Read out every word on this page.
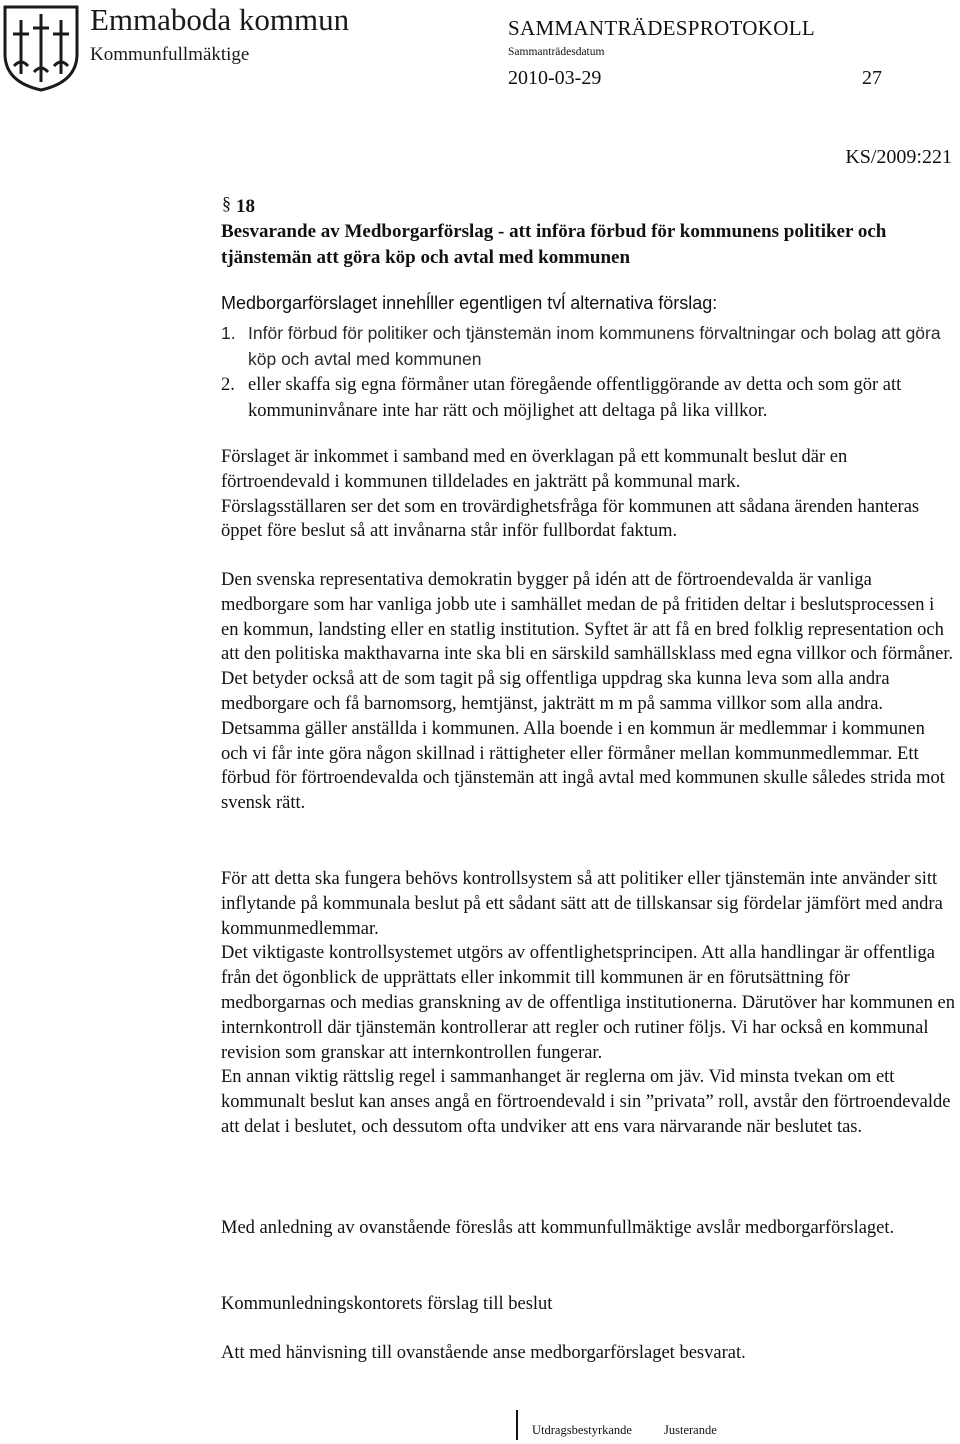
Emmaboda kommun
Kommunfullmäktige
SAMMANTRÄDESPROTOKOLL
Sammanträdesdatum
2010-03-29	27
KS/2009:221
§ 18
Besvarande av Medborgarförslag - att införa förbud för kommunens politiker och tjänstemän att göra köp och avtal med kommunen
Medborgarförslaget innehĺller egentligen tvĺ alternativa förslag:
1. Inför förbud för politiker och tjänstemän inom kommunens förvaltningar och bolag att göra köp och avtal med kommunen
2. eller skaffa sig egna förmåner utan föregående offentliggörande av detta och som gör att kommuninvånare inte har rätt och möjlighet att deltaga på lika villkor.

Förslaget är inkommet i samband med en överklagan på ett kommunalt beslut där en förtroendevald i kommunen tilldelades en jakträtt på kommunal mark.

Förslagsställaren ser det som en trovärdighetsfråga för kommunen att sådana ärenden hanteras öppet före beslut så att invånarna står inför fullbordat faktum.

Den svenska representativa demokratin bygger på idén att de förtroendevalda är vanliga medborgare som har vanliga jobb ute i samhället medan de på fritiden deltar i beslutsprocessen i en kommun, landsting eller en statlig institution. Syftet är att få en bred folklig representation och att den politiska makthavarna inte ska bli en särskild samhällsklass med egna villkor och förmåner.

Det betyder också att de som tagit på sig offentliga uppdrag ska kunna leva som alla andra medborgare och få barnomsorg, hemtjänst, jakträtt m m på samma villkor som alla andra. Detsamma gäller anställda i kommunen. Alla boende i en kommun är medlemmar i kommunen och vi får inte göra någon skillnad i rättigheter eller förmåner mellan kommunmedlemmar. Ett förbud för förtroendevalda och tjänstemän att ingå avtal med kommunen skulle således strida mot svensk rätt.

För att detta ska fungera behövs kontrollsystem så att politiker eller tjänstemän inte använder sitt inflytande på kommunala beslut på ett sådant sätt att de tillskansar sig fördelar jämfört med andra kommunmedlemmar.

Det viktigaste kontrollsystemet utgörs av offentlighetsprincipen. Att alla handlingar är offentliga från det ögonblick de upprättats eller inkommit till kommunen är en förutsättning för medborgarnas och medias granskning av de offentliga institutionerna. Därutöver har kommunen en internkontroll där tjänstemän kontrollerar att regler och rutiner följs. Vi har också en kommunal revision som granskar att internkontrollen fungerar.

En annan viktig rättslig regel i sammanhanget är reglerna om jäv. Vid minsta tvekan om ett kommunalt beslut kan anses angå en förtroendevald i sin ”privata” roll, avstår den förtroendevalde att delat i beslutet, och dessutom ofta undviker att ens vara närvarande när beslutet tas.

Med anledning av ovanstående föreslås att kommunfullmäktige avslår medborgarförslaget.

Kommunledningskontorets förslag till beslut

Att med hänvisning till ovanstående anse medborgarförslaget besvarat.

Utdragsbestyrkande	Justerande
